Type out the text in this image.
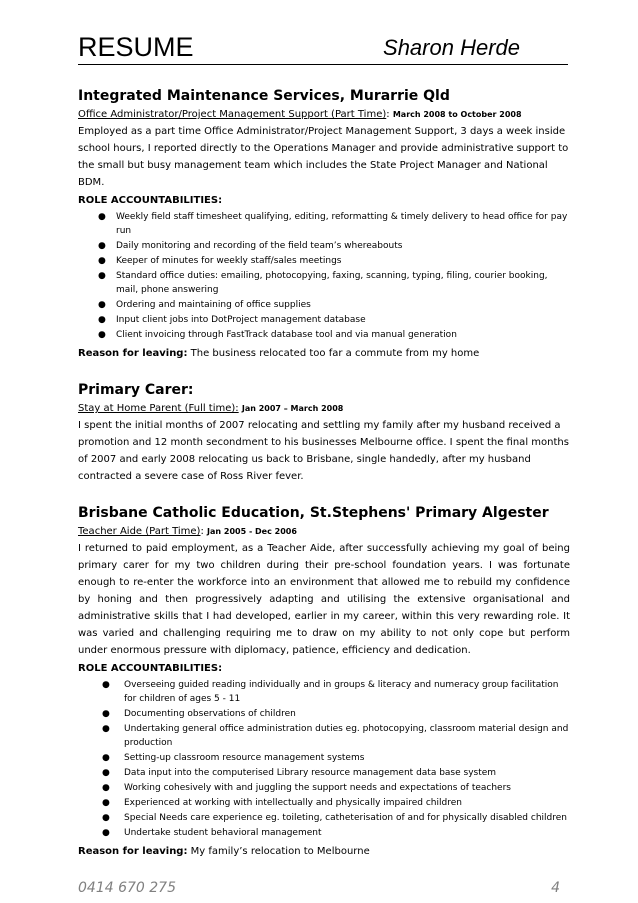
RESUME	Sharon Herde
Integrated Maintenance Services, Murarrie Qld

Office Administrator/Project Management Support (Part Time): March 2008 to October 2008

Employed as a part time Office Administrator/Project Management Support, 3 days a week inside school hours, I reported directly to the Operations Manager and provide administrative support to the small but busy management team which includes the State Project Manager and National BDM.

ROLE ACCOUNTABILITIES:

● Weekly field staff timesheet qualifying, editing, reformatting & timely delivery to head office for pay run
● Daily monitoring and recording of the field team’s whereabouts
● Keeper of minutes for weekly staff/sales meetings
● Standard office duties: emailing, photocopying, faxing, scanning, typing, filing, courier booking, mail, phone answering
● Ordering and maintaining of office supplies
● Input client jobs into DotProject management database
● Client invoicing through FastTrack database tool and via manual generation

Reason for leaving: The business relocated too far a commute from my home

Primary Carer:

Stay at Home Parent (Full time): Jan 2007 – March 2008

I spent the initial months of 2007 relocating and settling my family after my husband received a promotion and 12 month secondment to his businesses Melbourne office. I spent the final months of 2007 and early 2008 relocating us back to Brisbane, single handedly, after my husband contracted a severe case of Ross River fever.

Brisbane Catholic Education, St.Stephens' Primary Algester

Teacher Aide (Part Time): Jan 2005 - Dec 2006

I returned to paid employment, as a Teacher Aide, after successfully achieving my goal of being primary carer for my two children during their pre-school foundation years. I was fortunate enough to re-enter the workforce into an environment that allowed me to rebuild my confidence by honing and then progressively adapting and utilising the extensive organisational and administrative skills that I had developed, earlier in my career, within this very rewarding role. It was varied and challenging requiring me to draw on my ability to not only cope but perform under enormous pressure with diplomacy, patience, efficiency and dedication.

ROLE ACCOUNTABILITIES:

● Overseeing guided reading individually and in groups & literacy and numeracy group facilitation for children of ages 5 - 11
● Documenting observations of children
● Undertaking general office administration duties eg. photocopying, classroom material design and production
● Setting-up classroom resource management systems
● Data input into the computerised Library resource management data base system
● Working cohesively with and juggling the support needs and expectations of teachers
● Experienced at working with intellectually and physically impaired children
● Special Needs care experience eg. toileting, catheterisation of and for physically disabled children
● Undertake student behavioral management

Reason for leaving: My family’s relocation to Melbourne

0414 670 275	4
